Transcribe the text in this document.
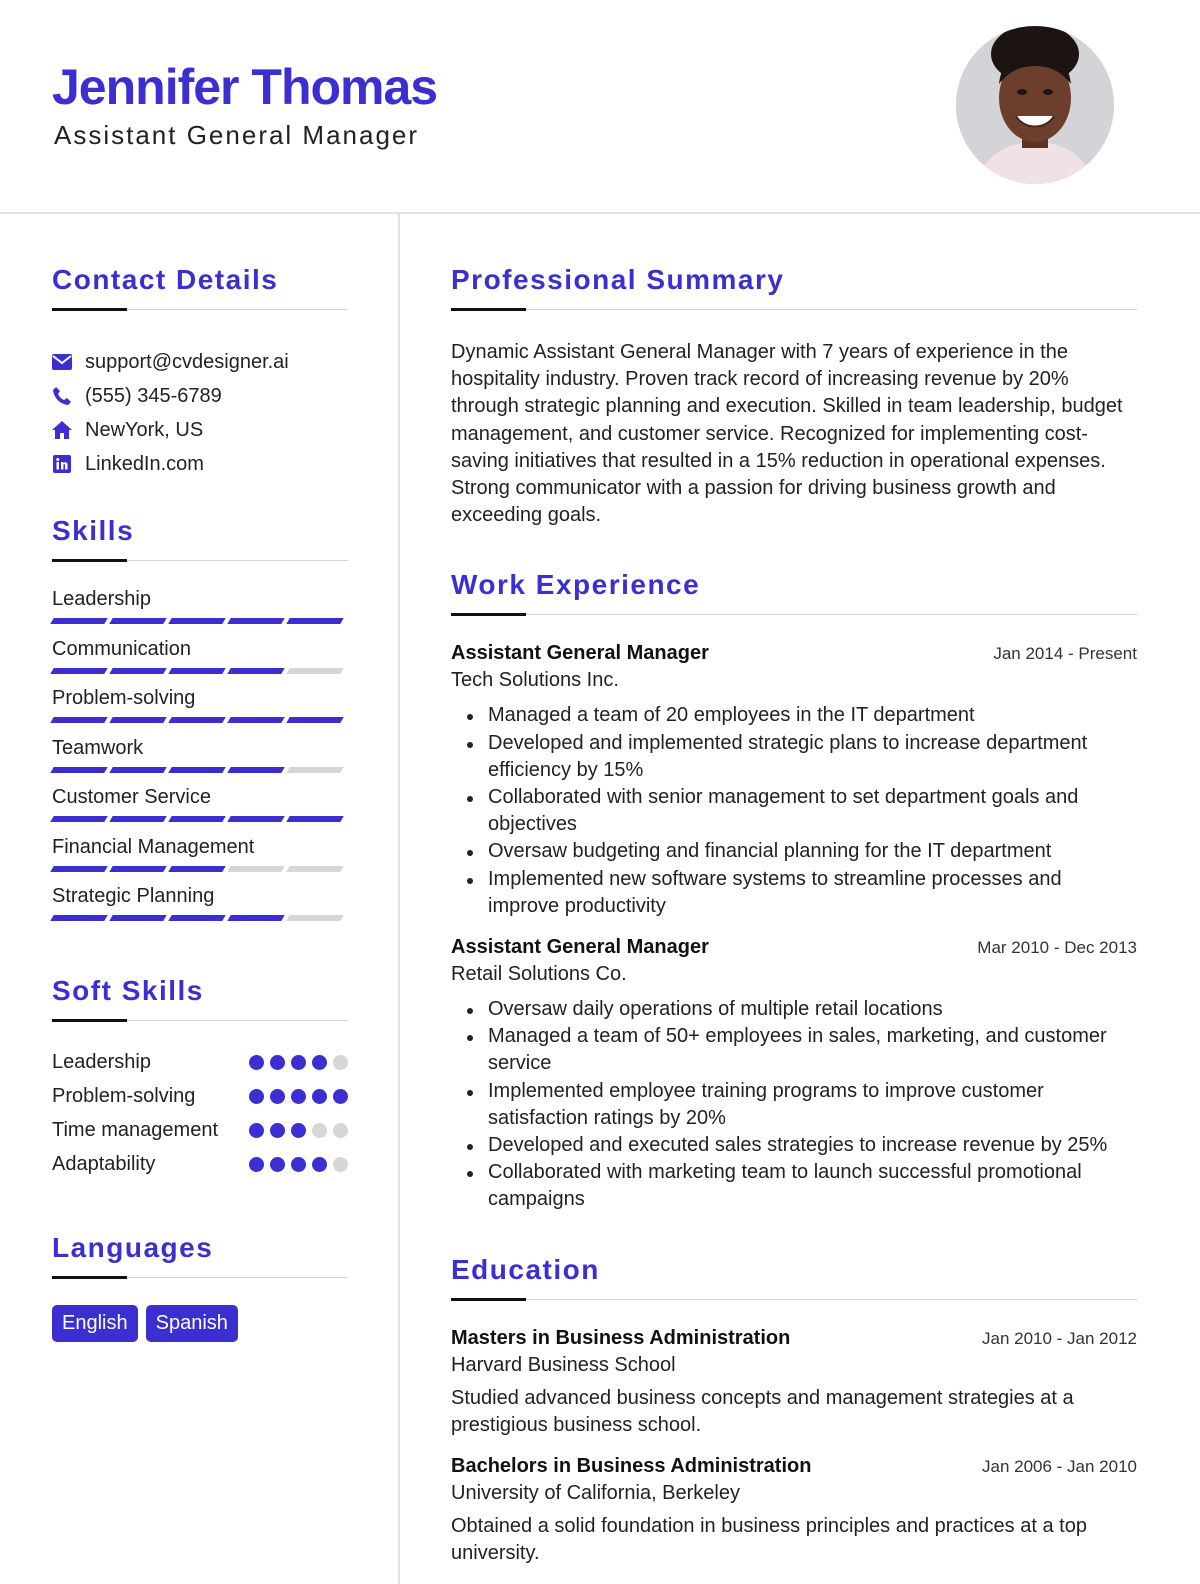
Jennifer Thomas
Assistant General Manager
Contact Details
support@cvdesigner.ai
(555) 345-6789
NewYork, US
LinkedIn.com
Skills
Leadership
Communication
Problem-solving
Teamwork
Customer Service
Financial Management
Strategic Planning
Soft Skills
Leadership
Problem-solving
Time management
Adaptability
Languages
English	Spanish
Professional Summary

Dynamic Assistant General Manager with 7 years of experience in the hospitality industry. Proven track record of increasing revenue by 20% through strategic planning and execution. Skilled in team leadership, budget management, and customer service. Recognized for implementing cost-saving initiatives that resulted in a 15% reduction in operational expenses. Strong communicator with a passion for driving business growth and exceeding goals.

Work Experience
Assistant General Manager	Jan 2014 - Present
Tech Solutions Inc.
Managed a team of 20 employees in the IT department
Developed and implemented strategic plans to increase department efficiency by 15%
Collaborated with senior management to set department goals and objectives
Oversaw budgeting and financial planning for the IT department
Implemented new software systems to streamline processes and improve productivity
Assistant General Manager	Mar 2010 - Dec 2013
Retail Solutions Co.
Oversaw daily operations of multiple retail locations
Managed a team of 50+ employees in sales, marketing, and customer service
Implemented employee training programs to improve customer satisfaction ratings by 20%
Developed and executed sales strategies to increase revenue by 25%
Collaborated with marketing team to launch successful promotional campaigns
Education
Masters in Business Administration	Jan 2010 - Jan 2012
Harvard Business School

Studied advanced business concepts and management strategies at a prestigious business school.

Bachelors in Business Administration	Jan 2006 - Jan 2010
University of California, Berkeley

Obtained a solid foundation in business principles and practices at a top university.
